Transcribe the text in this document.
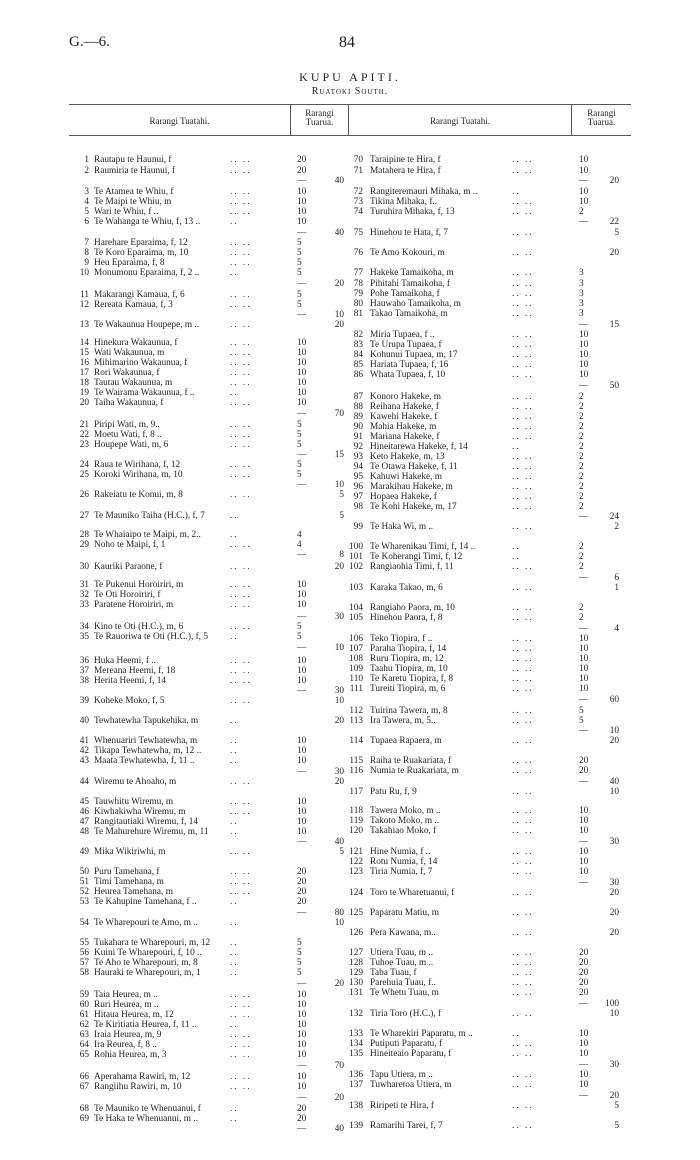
G.—6.	84
KUPU APITI.
Ruatoki South.
Rarangi Tuatahi.
Rarangi Tuarua.	Rarangi Tuatahi.
Rarangi Tuarua.
1 Rautapu te Haunui, f	.. ..	20
2 Raumiria te Haunui, f	.. ..	20
—	40
3 Te Atamea te Whiu, f	.. ..	10
4 Te Maipi te Whiu, m	.. ..	10
5 Wari te Whiu, f ..	.. ..	10
6 Te Wahanga te Whiu, f, 13 ..	..	10
—	40
7 Harehare Eparaima, f, 12	.. ..	5
8 Te Koro Eparaima, m, 10	.. ..	5
9 Heu Eparaima, f, 8	.. ..	5
10 Monumonu Eparaima, f, 2 ..	..	5
—	20
11 Makarangi Kamaua, f, 6	.. ..	5
12 Rereata Kamaua, f, 3	.. ..	5
—	10
13 Te Wakaunua Houpepe, m ..	.. ..	20
14 Hinekura Wakaunua, f	.. ..	10
15 Wati Wakaunua, m	.. ..	10
16 Mihimarino Wakaunua, f	.. ..	10
17 Rori Wakaunua, f	.. ..	10
18 Tautau Wakaunua, m	.. ..	10
19 Te Wairama Wakaunua, f ..	..	10
20 Taiha Wakaunua, f	.. ..	10
—	70
21 Piripi Wati, m, 9..	.. ..	5
22 Moetu Wati, f, 8 ..	.. ..	5
23 Houpepe Wati, m, 6	.. ..	5
—	15
24 Raua te Wirihana, f, 12	.. ..	5
25 Koroki Wirihana, m, 10	.. ..	5
—	10
26 Rakeiatu te Konui, m, 8	.. ..	5
27 Te Mauniko Taiha (H.C.), f, 7	..	5
28 Te Whaiaipo te Maipi, m, 2..	..	4
29 Noho te Maipi, f, 1	.. ..	4
—	8
30 Kauriki Paraone, f	.. ..	20
31 Te Pukenui Horoiriri, m	.. ..	10
32 Te Oti Horoiriri, f	.. ..	10
33 Paratene Horoiriri, m	.. ..	10
—	30
34 Kino te Oti (H.C.), m, 6	.. ..	5
35 Te Rauoriwa te Oti (H.C.), f, 5 ..	5
—	10
36 Huka Heemi, f ..	.. ..	10
37 Mereana Heemi, f, 18	.. ..	10
38 Herita Heemi, f, 14	.. ..	10
—	30
39 Koheke Moko, f, 5	.. ..	10
40 Tewhatewha Tapukehika, m	..	20
41 Whenuariri Tewhatewha, m	..	10
42 Tikapa Tewhatewha, m, 12 ..	..	10
43 Maata Tewhatewha, f, 11 ..	..	10
—	30
44 Wiremu te Ahoaho, m	.. ..	20
45 Tauwhitu Wiremu, m	.. ..	10
46 Kiwhakiwha Wiremu, m	.. ..	10
47 Rangitautiaki Wiremu, f, 14	..	10
48 Te Mahurehure Wiremu, m, 11 ..	10
—	40
49 Mika Wikiriwhi, m	.. ..	5
50 Puru Tamehana, f	.. ..	20
51 Timi Tamehana, m	.. ..	20
52 Heurea Tamehana, m	.. ..	20
53 Te Kahupine Tamehana, f ..	..	20
—	80
54 Te Wharepouri te Amo, m ..	..	10
55 Tukahara te Wharepouri, m, 12 ..	5
56 Kuini Te Wharepouri, f, 10 ..	..	5
57 Te Aho te Wharepouri, m, 8	..	5
58 Hauraki te Wharepouri, m, 1	..	5
—	20
59 Taia Heurea, m ..	.. ..	10
60 Ruri Heurea, m ..	.. ..	10
61 Hitaua Heurea, m, 12	.. ..	10
62 Te Kiritiatia Heurea, f, 11 ..	..	10
63 Iraia Heurea, m, 9	.. ..	10
64 Ira Reurea, f, 8 ..	.. ..	10
65 Rohia Heurea, m, 3	.. ..	10
—	70
66 Aperahama Rawiri, m, 12	.. ..	10
67 Rangiihu Rawiri, m, 10	.. ..	10
—	20
68 Te Mauniko te Whenuanui, f	..	20
69 Te Haka te Whenuanui, m ..	..	20
—	40
70 Taraipine te Hira, f	.. ..	10
71 Matahera te Hira, f	.. ..	10
—	20
72 Rangiteremauri Mihaka, m ..	..	10
73 Tikina Mihaka, f..	.. ..	10
74 Turuhira Mihaka, f, 13	.. ..	2
—	22
75 Hinehou te Hata, f, 7	.. ..	5
76 Te Amo Kokouri, m	.. ..	20
77 Hakeke Tamaikoha, m	.. ..	3
78 Pihitahi Tamaikoha, f	.. ..	3
79 Pohe Tamaikoha, f	.. ..	3
80 Hauwaho Tamaikoha, m	.. ..	3
81 Takao Tamaikoha, m	.. ..	3
—	15
82 Miria Tupaea, f ..	.. ..	10
83 Te Urupa Tupaea, f	.. ..	10
84 Kohunui Tupaea, m, 17	.. ..	10
85 Hariata Tupaea, f, 16	.. ..	10
86 Whata Tupaea, f, 10	.. ..	10
—	50
87 Konoro Hakeke, m	.. ..	2
88 Reihana Hakeke, f	.. ..	2
89 Kawehi Hakeke, f	.. ..	2
90 Mahia Hakeke, m	.. ..	2
91 Mariana Hakeke, f	.. ..	2
92 Hineitarewa Hakeke, f, 14	..	2
93 Keto Hakeke, m, 13	.. ..	2
94 Te Otawa Hakeke, f, 11	.. ..	2
95 Kahuwi Hakeke, m	.. ..	2
96 Marakihau Hakeke, m	.. ..	2
97 Hopaea Hakeke, f	.. ..	2
98 Te Kohi Hakeke, m, 17	.. ..	2
—	24
99 Te Haka Wi, m ..	.. ..	2
100 Te Wharenikau Timi, f, 14 ..	..	2
101 Te Koherangi Timi, f, 12	..	2
102 Rangiaohia Timi, f, 11	.. ..	2
—	6
103 Karaka Takao, m, 6	.. ..	1
104 Rangiaho Paora, m, 10	.. ..	2
105 Hinehou Paora, f, 8	.. ..	2
—	4
106 Teko Tiopira, f ..	.. ..	10
107 Paraha Tiopira, f, 14	.. ..	10
108 Ruru Tiopira, m, 12	.. ..	10
109 Taahu Tiopira, m, 10	.. ..	10
110 Te Karetu Tiopira, f, 8	.. ..	10
111 Tureiti Tiopira, m, 6	.. ..	10
—	60
112 Tuirina Tawera, m, 8	.. ..	5
113 Ira Tawera, m, 5..	.. ..	5
—	10
114 Tupaea Rapaera, m	.. ..	20
115 Raiha te Ruakariata, f	.. ..	20
116 Numia te Ruakariata, m	.. ..	20
—	40
117 Patu Ru, f, 9	.. ..	10
118 Tawera Moko, m ..	.. ..	10
119 Takoto Moko, m ..	.. ..	10
120 Takahiao Moko, f	.. ..	10
—	30
121 Hine Numia, f ..	.. ..	10
122 Rotu Numia, f, 14	.. ..	10
123 Tiria Numia, f, 7	.. ..	10
—	30
124 Toro te Wharetuanui, f	.. ..	20
125 Paparatu Matiu, m	.. ..	20
126 Pera Kawana, m..	.. ..	20
127 Utiera Tuau, m ..	.. ..	20
128 Tuhoe Tuau, m ..	.. ..	20
129 Taba Tuau, f	.. ..	20
130 Parehuia Tuau, f..	.. ..	20
131 Te Whetu Tuau, m	.. ..	20
—	100
132 Tiria Toro (H.C.), f	.. ..	10
133 Te Wharekiri Paparatu, m ..	..	10
134 Putiputi Paparatu, f	.. ..	10
135 Hineiteaio Paparatu, f	.. ..	10
—	30
136 Tapu Utiera, m ..	.. ..	10
137 Tuwharetoa Utiera, m	.. ..	10
—	20
138 Riripeti te Hira, f	.. ..	5
139 Ramarihi Tarei, f, 7	.. ..	5
